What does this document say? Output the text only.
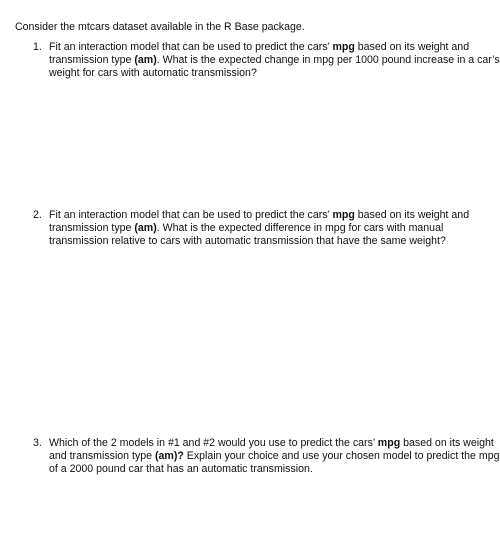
Consider the mtcars dataset available in the R Base package.
1. Fit an interaction model that can be used to predict the cars’ mpg based on its weight and
transmission type (am). What is the expected change in mpg per 1000 pound increase in a car’s
weight for cars with automatic transmission?
2. Fit an interaction model that can be used to predict the cars’ mpg based on its weight and
transmission type (am). What is the expected difference in mpg for cars with manual
transmission relative to cars with automatic transmission that have the same weight?
3. Which of the 2 models in #1 and #2 would you use to predict the cars’ mpg based on its weight
and transmission type (am)? Explain your choice and use your chosen model to predict the mpg
of a 2000 pound car that has an automatic transmission.
